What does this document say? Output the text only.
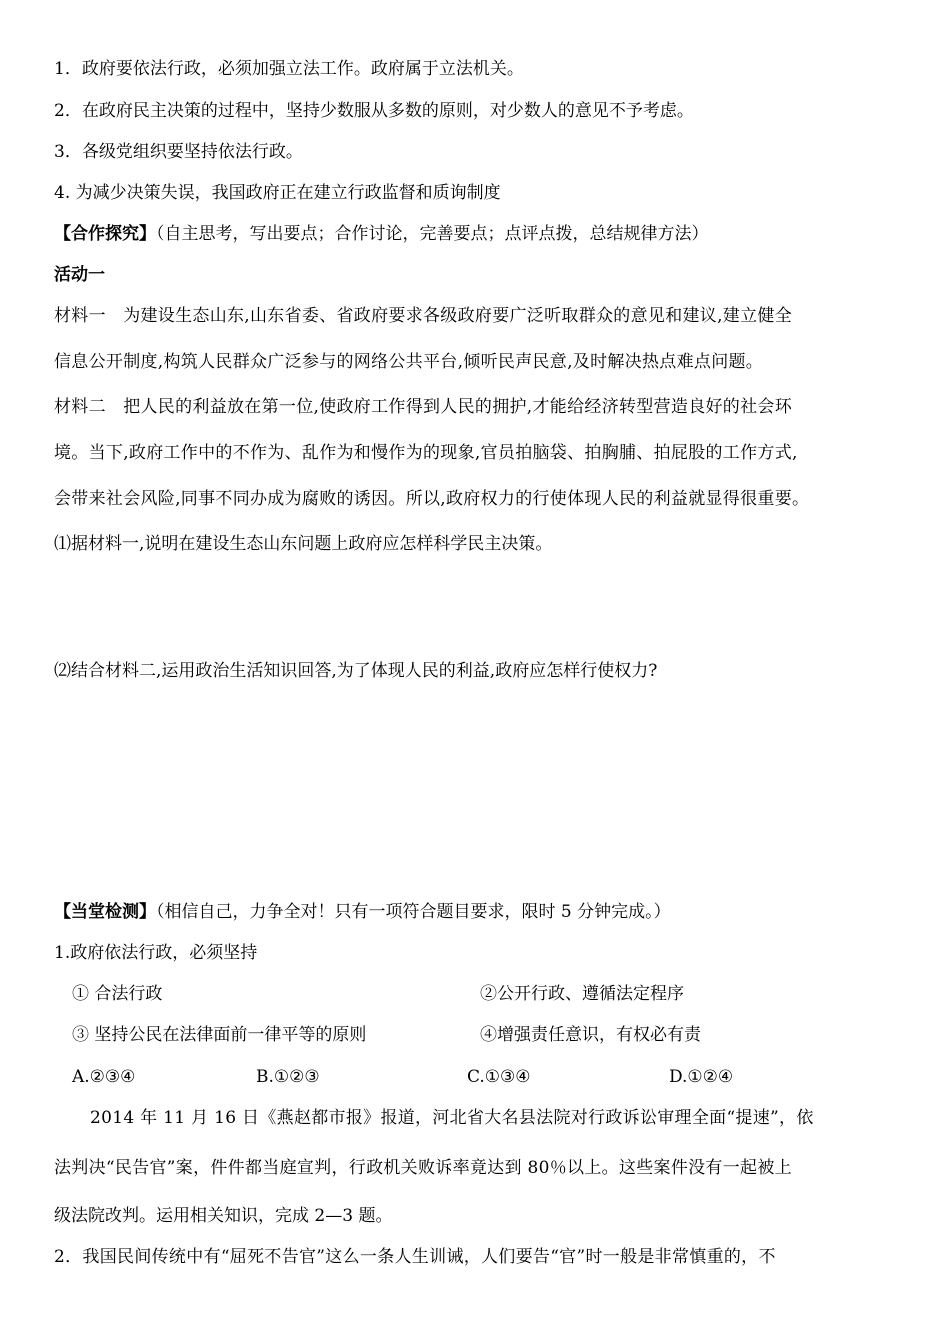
1．政府要依法行政，必须加强立法工作。政府属于立法机关。
2．在政府民主决策的过程中，坚持少数服从多数的原则，对少数人的意见不予考虑。
3．各级党组织要坚持依法行政。
4. 为减少决策失误，我国政府正在建立行政监督和质询制度
【合作探究】（自主思考，写出要点；合作讨论，完善要点；点评点拨，总结规律方法）
活动一
材料一　为建设生态山东,山东省委、省政府要求各级政府要广泛听取群众的意见和建议,建立健全
信息公开制度,构筑人民群众广泛参与的网络公共平台,倾听民声民意,及时解决热点难点问题。
材料二　把人民的利益放在第一位,使政府工作得到人民的拥护,才能给经济转型营造良好的社会环
境。当下,政府工作中的不作为、乱作为和慢作为的现象,官员拍脑袋、拍胸脯、拍屁股的工作方式,
会带来社会风险,同事不同办成为腐败的诱因。所以,政府权力的行使体现人民的利益就显得很重要。
⑴据材料一,说明在建设生态山东问题上政府应怎样科学民主决策。
⑵结合材料二,运用政治生活知识回答,为了体现人民的利益,政府应怎样行使权力?
【当堂检测】（相信自己，力争全对！只有一项符合题目要求，限时 5 分钟完成。）
1.政府依法行政，必须坚持
① 合法行政	②公开行政、遵循法定程序
③ 坚持公民在法律面前一律平等的原则	④增强责任意识，有权必有责
A.②③④	B.①②③	C.①③④	D.①②④
2014 年 11 月 16 日《燕赵都市报》报道，河北省大名县法院对行政诉讼审理全面“提速”，依
法判决“民告官”案，件件都当庭宣判，行政机关败诉率竟达到 80％以上。这些案件没有一起被上
级法院改判。运用相关知识，完成 2—3 题。
2．我国民间传统中有“屈死不告官”这么一条人生训诫，人们要告“官”时一般是非常慎重的，不
